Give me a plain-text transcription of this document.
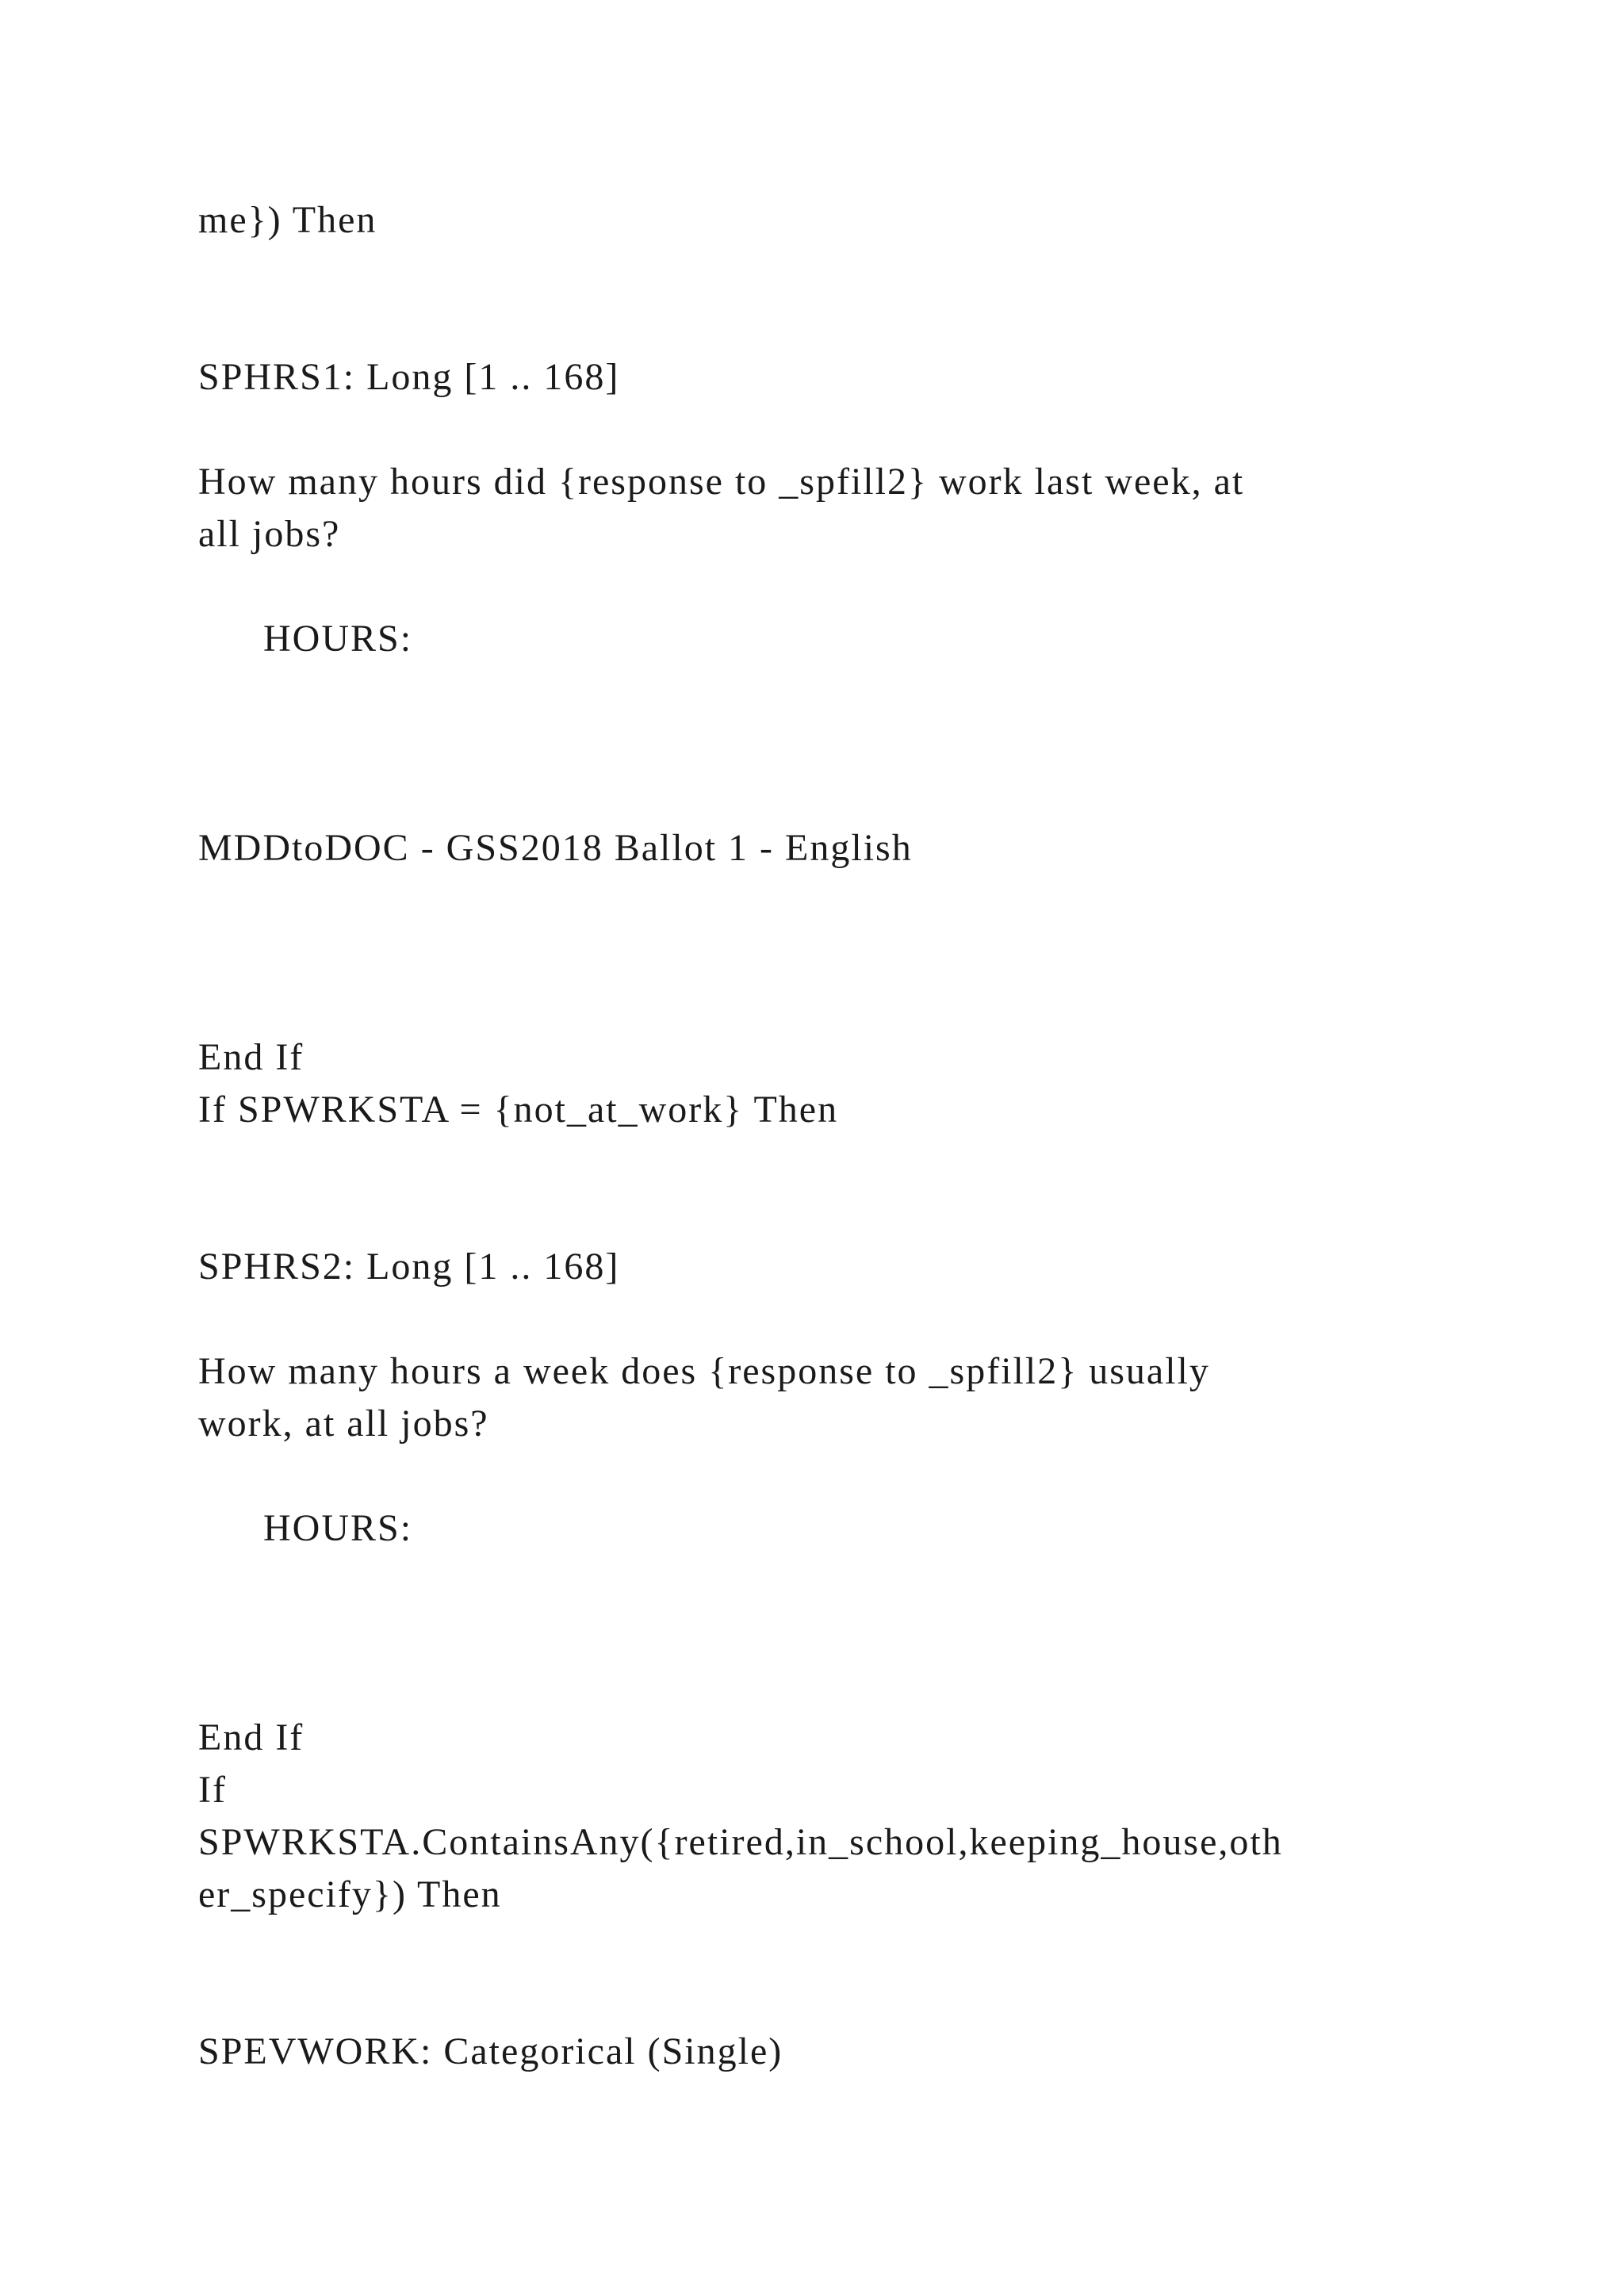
me}) Then
SPHRS1: Long [1 .. 168]
How many hours did {response to _spfill2} work last week, at
all jobs?
HOURS:
MDDtoDOC - GSS2018 Ballot 1 - English
End If
If SPWRKSTA = {not_at_work} Then
SPHRS2: Long [1 .. 168]
How many hours a week does {response to _spfill2} usually
work, at all jobs?
HOURS:
End If
If
SPWRKSTA.ContainsAny({retired,in_school,keeping_house,oth
er_specify}) Then
SPEVWORK: Categorical (Single)
